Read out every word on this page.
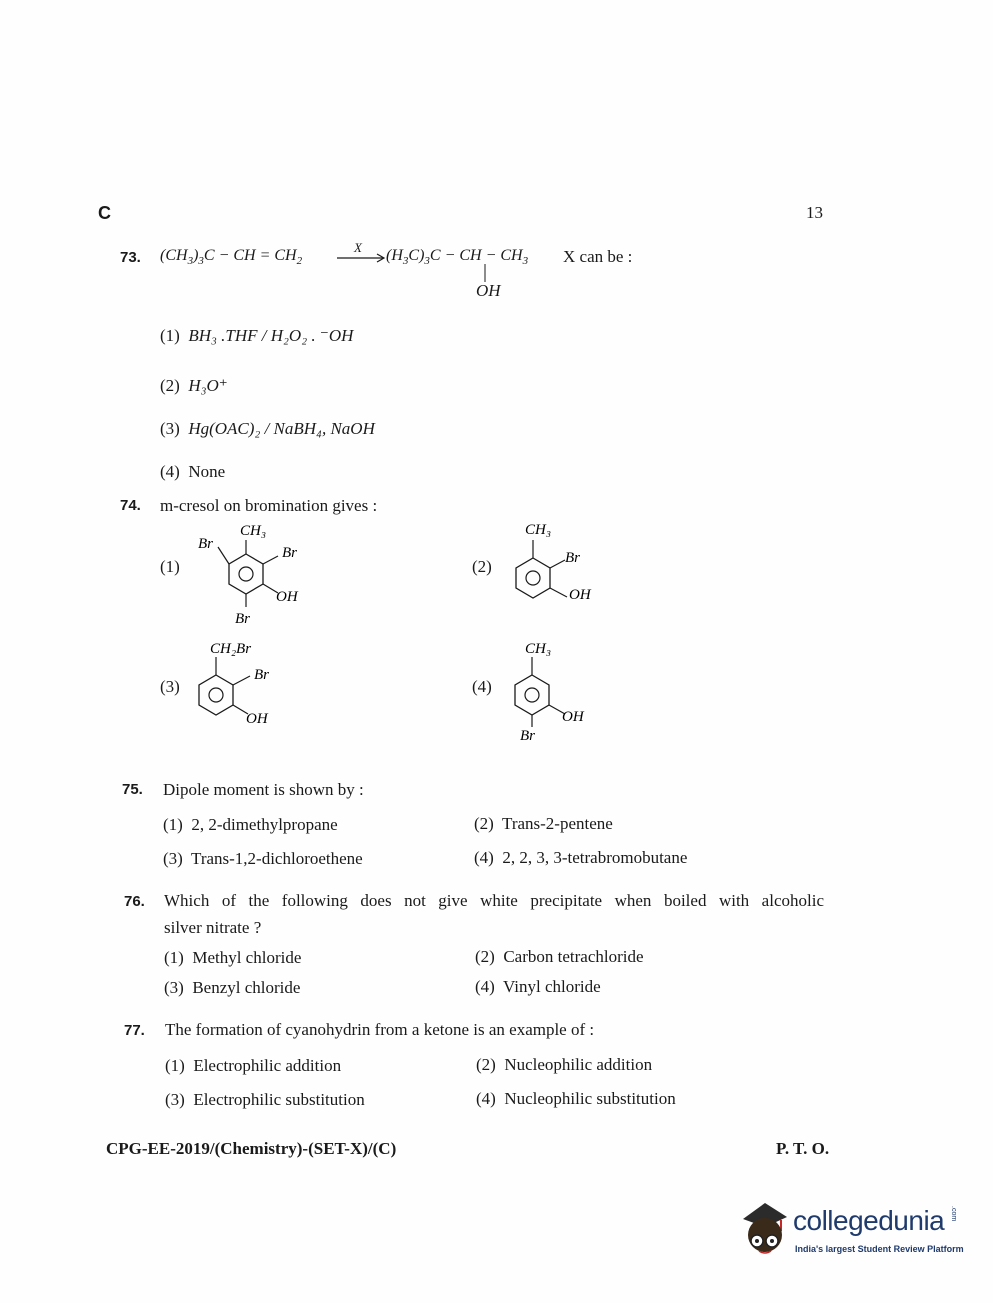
C	13
73. $(CH_3)_3C$ − CH = $CH_2$
$X \to (H_3C)_3C$ − CH − $CH_3$
OH
X can be :
(1) BH₃ .THF / H₂O₂ . ⁻OH
(2) H₃O⁺
(3) Hg(OAC)₂ / NaBH₄, NaOH
(4) None
74. m-cresol on bromination gives :
(1)	(2)
(3)	(4)
CH₃
Br
Br
OH
Br
CH₃
Br
OH
CH₂Br
Br
OH
CH₃
OH
Br
75. Dipole moment is shown by :
(1) 2, 2-dimethylpropane	(2) Trans-2-pentene
(3) Trans-1,2-dichloroethene	(4) 2, 2, 3, 3-tetrabromobutane
76. Which of the following does not give white precipitate when boiled with alcoholic
silver nitrate ?
(1) Methyl chloride	(2) Carbon tetrachloride
(3) Benzyl chloride	(4) Vinyl chloride
77. The formation of cyanohydrin from a ketone is an example of :
(1) Electrophilic addition	(2) Nucleophilic addition
(3) Electrophilic substitution	(4) Nucleophilic substitution
CPG-EE-2019/(Chemistry)-(SET-X)/(C)	P. T. O.
collegedunia .com
India's largest Student Review Platform
